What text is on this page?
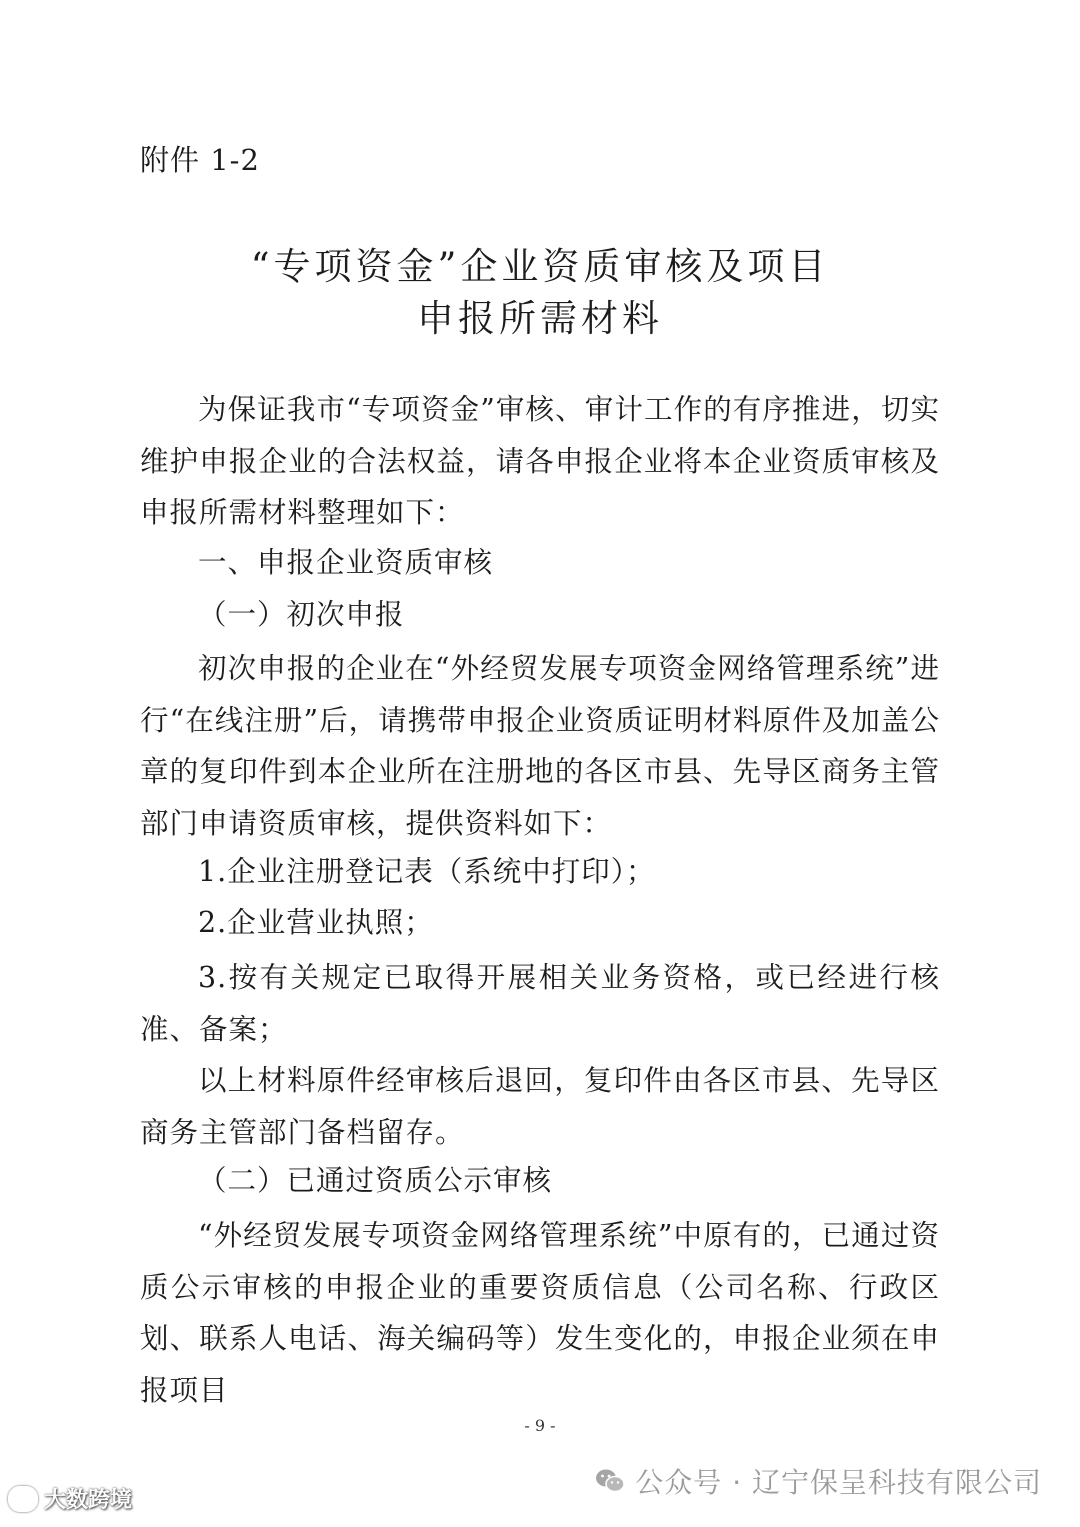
附件 1-2
“专项资金”企业资质审核及项目
申报所需材料
为保证我市“专项资金”审核、审计工作的有序推进，切实维护申报企业的合法权益，请各申报企业将本企业资质审核及申报所需材料整理如下：
一、申报企业资质审核
（一）初次申报
初次申报的企业在“外经贸发展专项资金网络管理系统”进行“在线注册”后，请携带申报企业资质证明材料原件及加盖公章的复印件到本企业所在注册地的各区市县、先导区商务主管部门申请资质审核，提供资料如下：
1.企业注册登记表（系统中打印）；
2.企业营业执照；
3.按有关规定已取得开展相关业务资格，或已经进行核准、备案；
以上材料原件经审核后退回，复印件由各区市县、先导区商务主管部门备档留存。
（二）已通过资质公示审核
“外经贸发展专项资金网络管理系统”中原有的，已通过资质公示审核的申报企业的重要资质信息（公司名称、行政区划、联系人电话、海关编码等）发生变化的，申报企业须在申报项目
- 9 -
公众号 · 辽宁保呈科技有限公司
大数跨境
